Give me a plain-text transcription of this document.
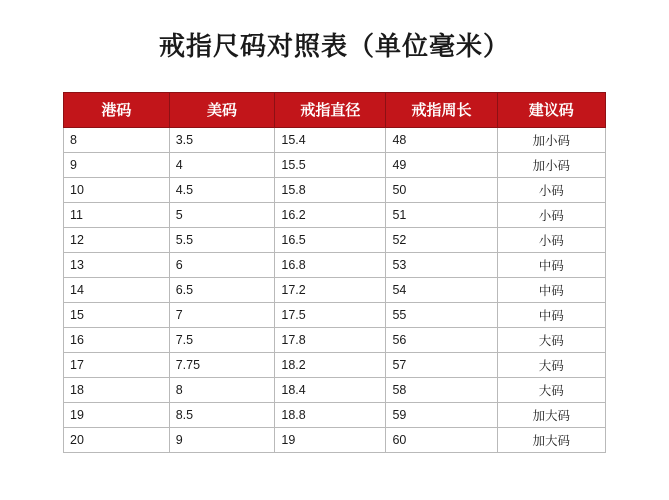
戒指尺码对照表（单位毫米）
港码	美码	戒指直径	戒指周长	建议码
8	3.5	15.4	48	加小码
9	4	15.5	49	加小码
10	4.5	15.8	50	小码
11	5	16.2	51	小码
12	5.5	16.5	52	小码
13	6	16.8	53	中码
14	6.5	17.2	54	中码
15	7	17.5	55	中码
16	7.5	17.8	56	大码
17	7.75	18.2	57	大码
18	8	18.4	58	大码
19	8.5	18.8	59	加大码
20	9	19	60	加大码
